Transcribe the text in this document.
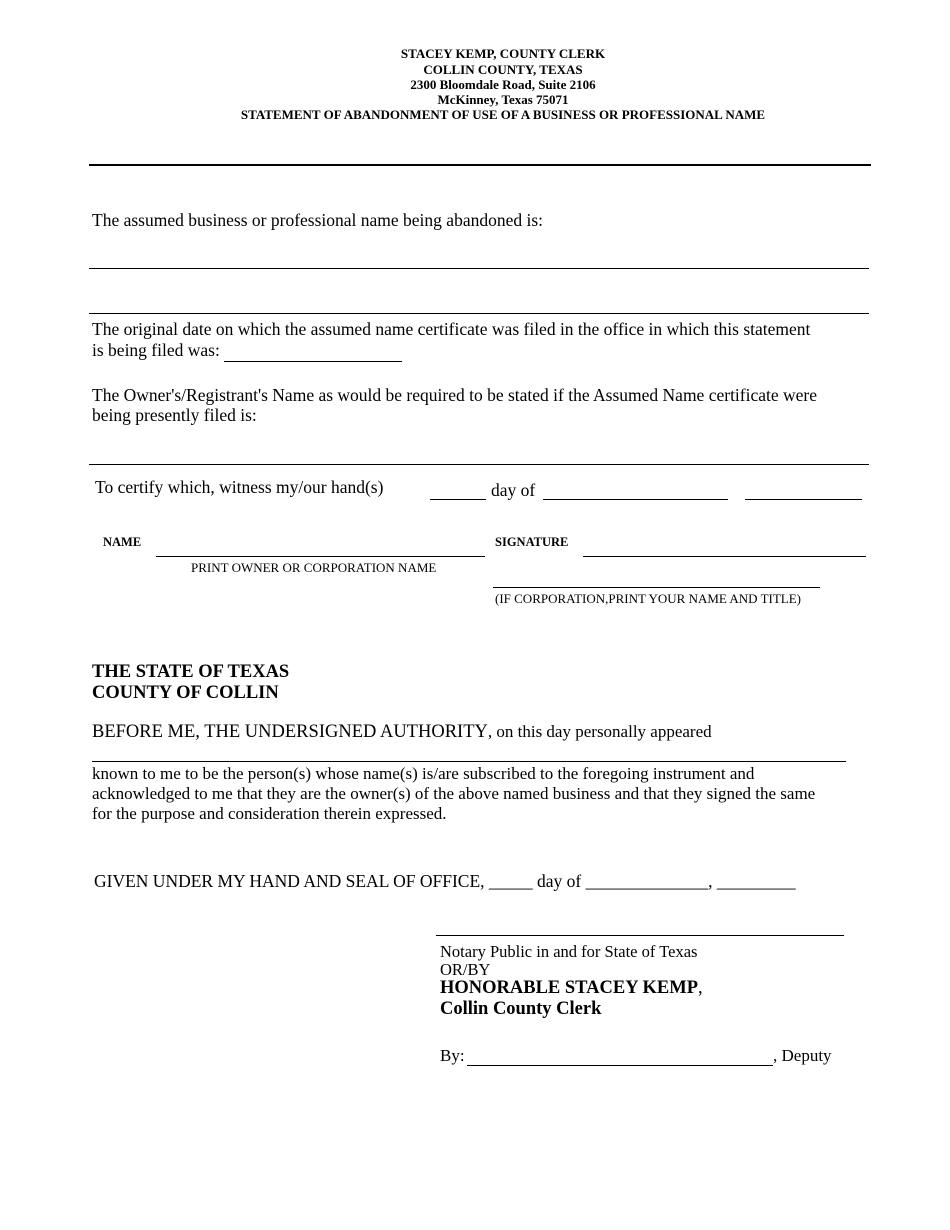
STACEY KEMP, COUNTY CLERK
COLLIN COUNTY, TEXAS
2300 Bloomdale Road, Suite 2106
McKinney, Texas 75071
STATEMENT OF ABANDONMENT OF USE OF A BUSINESS OR PROFESSIONAL NAME
The assumed business or professional name being abandoned is:
The original date on which the assumed name certificate was filed in the office in which this statement
is being filed was:
The Owner's/Registrant's Name as would be required to be stated if the Assumed Name certificate were
being presently filed is:
To certify which, witness my/our hand(s)	day of
NAME
PRINT OWNER OR CORPORATION NAME
SIGNATURE
(IF CORPORATION,PRINT YOUR NAME AND TITLE)
THE STATE OF TEXAS
COUNTY OF COLLIN
BEFORE ME, THE UNDERSIGNED AUTHORITY, on this day personally appeared
known to me to be the person(s) whose name(s) is/are subscribed to the foregoing instrument and
acknowledged to me that they are the owner(s) of the above named business and that they signed the same
for the purpose and consideration therein expressed.
GIVEN UNDER MY HAND AND SEAL OF OFFICE, _____ day of ______________, _________
Notary Public in and for State of Texas
OR/BY
HONORABLE STACEY KEMP,
Collin County Clerk
By:	, Deputy
